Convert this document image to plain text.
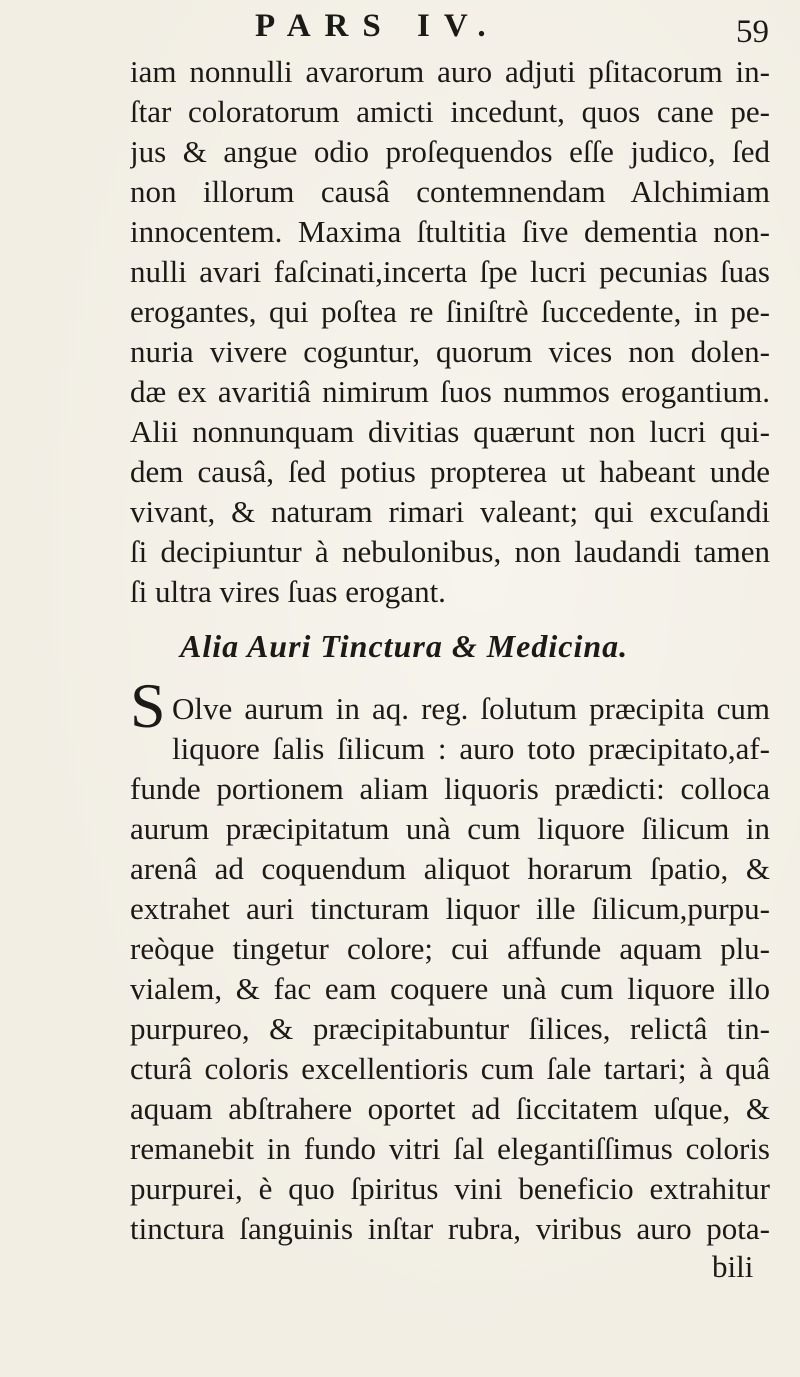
PARS IV.	59
iam nonnulli avarorum auro adjuti pſitacorum in-
ſtar coloratorum amicti incedunt, quos cane pe-
jus & angue odio proſequendos eſſe judico, ſed
non illorum causâ contemnendam Alchimiam
innocentem. Maxima ſtultitia ſive dementia non-
nulli avari faſcinati,incerta ſpe lucri pecunias ſuas
erogantes, qui poſtea re ſiniſtrè ſuccedente, in pe-
nuria vivere coguntur, quorum vices non dolen-
dæ ex avaritiâ nimirum ſuos nummos erogantium.
Alii nonnunquam divitias quærunt non lucri qui-
dem causâ, ſed potius propterea ut habeant unde
vivant, & naturam rimari valeant; qui excuſandi
ſi decipiuntur à nebulonibus, non laudandi tamen
ſi ultra vires ſuas erogant.
Alia Auri Tinctura & Medicina.
S Olve aurum in aq. reg. ſolutum præcipita cum
liquore ſalis ſilicum : auro toto præcipitato,af-
funde portionem aliam liquoris prædicti: colloca
aurum præcipitatum unà cum liquore ſilicum in
arenâ ad coquendum aliquot horarum ſpatio, &
extrahet auri tincturam liquor ille ſilicum,purpu-
reòque tingetur colore; cui affunde aquam plu-
vialem, & fac eam coquere unà cum liquore illo
purpureo, & præcipitabuntur ſilices, relictâ tin-
cturâ coloris excellentioris cum ſale tartari; à quâ
aquam abſtrahere oportet ad ſiccitatem uſque, &
remanebit in fundo vitri ſal elegantiſſimus coloris
purpurei, è quo ſpiritus vini beneficio extrahitur
tinctura ſanguinis inſtar rubra, viribus auro pota-
bili
